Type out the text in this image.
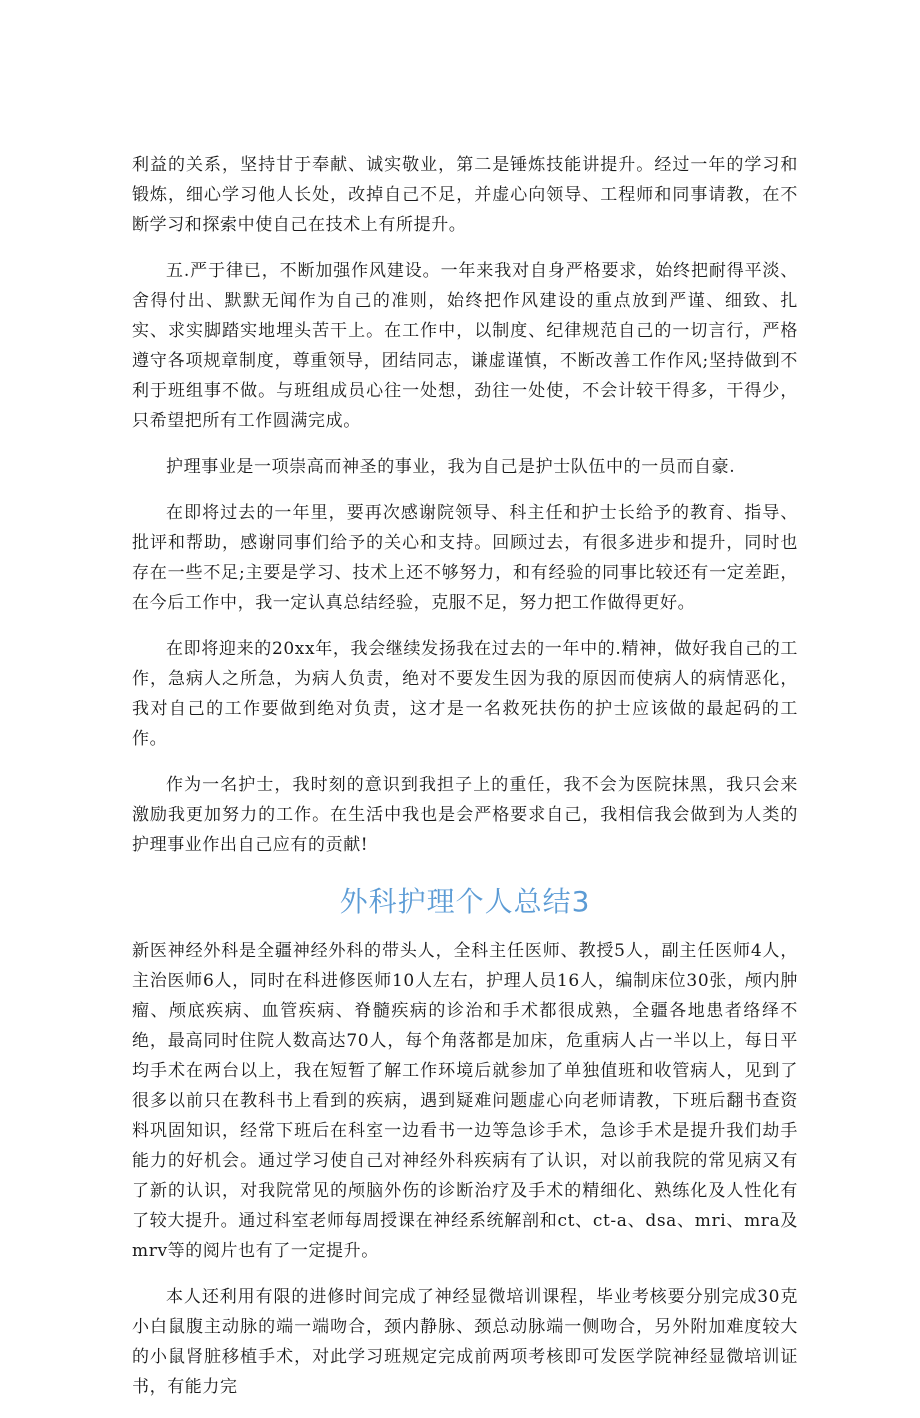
利益的关系，坚持甘于奉献、诚实敬业，第二是锤炼技能讲提升。经过一年的学习和锻炼，细心学习他人长处，改掉自己不足，并虚心向领导、工程师和同事请教，在不断学习和探索中使自己在技术上有所提升。

五.严于律已，不断加强作风建设。一年来我对自身严格要求，始终把耐得平淡、舍得付出、默默无闻作为自己的准则，始终把作风建设的重点放到严谨、细致、扎实、求实脚踏实地埋头苦干上。在工作中，以制度、纪律规范自己的一切言行，严格遵守各项规章制度，尊重领导，团结同志，谦虚谨慎，不断改善工作作风;坚持做到不利于班组事不做。与班组成员心往一处想，劲往一处使，不会计较干得多，干得少，只希望把所有工作圆满完成。

护理事业是一项崇高而神圣的事业，我为自己是护士队伍中的一员而自豪.

在即将过去的一年里，要再次感谢院领导、科主任和护士长给予的教育、指导、批评和帮助，感谢同事们给予的关心和支持。回顾过去，有很多进步和提升，同时也存在一些不足;主要是学习、技术上还不够努力，和有经验的同事比较还有一定差距，在今后工作中，我一定认真总结经验，克服不足，努力把工作做得更好。

在即将迎来的20xx年，我会继续发扬我在过去的一年中的.精神，做好我自己的工作，急病人之所急，为病人负责，绝对不要发生因为我的原因而使病人的病情恶化，我对自己的工作要做到绝对负责，这才是一名救死扶伤的护士应该做的最起码的工作。

作为一名护士，我时刻的意识到我担子上的重任，我不会为医院抹黑，我只会来激励我更加努力的工作。在生活中我也是会严格要求自己，我相信我会做到为人类的护理事业作出自己应有的贡献!

外科护理个人总结3

新医神经外科是全疆神经外科的带头人，全科主任医师、教授5人，副主任医师4人，主治医师6人，同时在科进修医师10人左右，护理人员16人，编制床位30张，颅内肿瘤、颅底疾病、血管疾病、脊髓疾病的诊治和手术都很成熟，全疆各地患者络绎不绝，最高同时住院人数高达70人，每个角落都是加床，危重病人占一半以上，每日平均手术在两台以上，我在短暂了解工作环境后就参加了单独值班和收管病人，见到了很多以前只在教科书上看到的疾病，遇到疑难问题虚心向老师请教，下班后翻书查资料巩固知识，经常下班后在科室一边看书一边等急诊手术，急诊手术是提升我们劫手能力的好机会。通过学习使自己对神经外科疾病有了认识，对以前我院的常见病又有了新的认识，对我院常见的颅脑外伤的诊断治疗及手术的精细化、熟练化及人性化有了较大提升。通过科室老师每周授课在神经系统解剖和ct、ct-a、dsa、mri、mra及mrv等的阅片也有了一定提升。

本人还利用有限的进修时间完成了神经显微培训课程，毕业考核要分别完成30克小白鼠腹主动脉的端一端吻合，颈内静脉、颈总动脉端一侧吻合，另外附加难度较大的小鼠肾脏移植手术，对此学习班规定完成前两项考核即可发医学院神经显微培训证书，有能力完
